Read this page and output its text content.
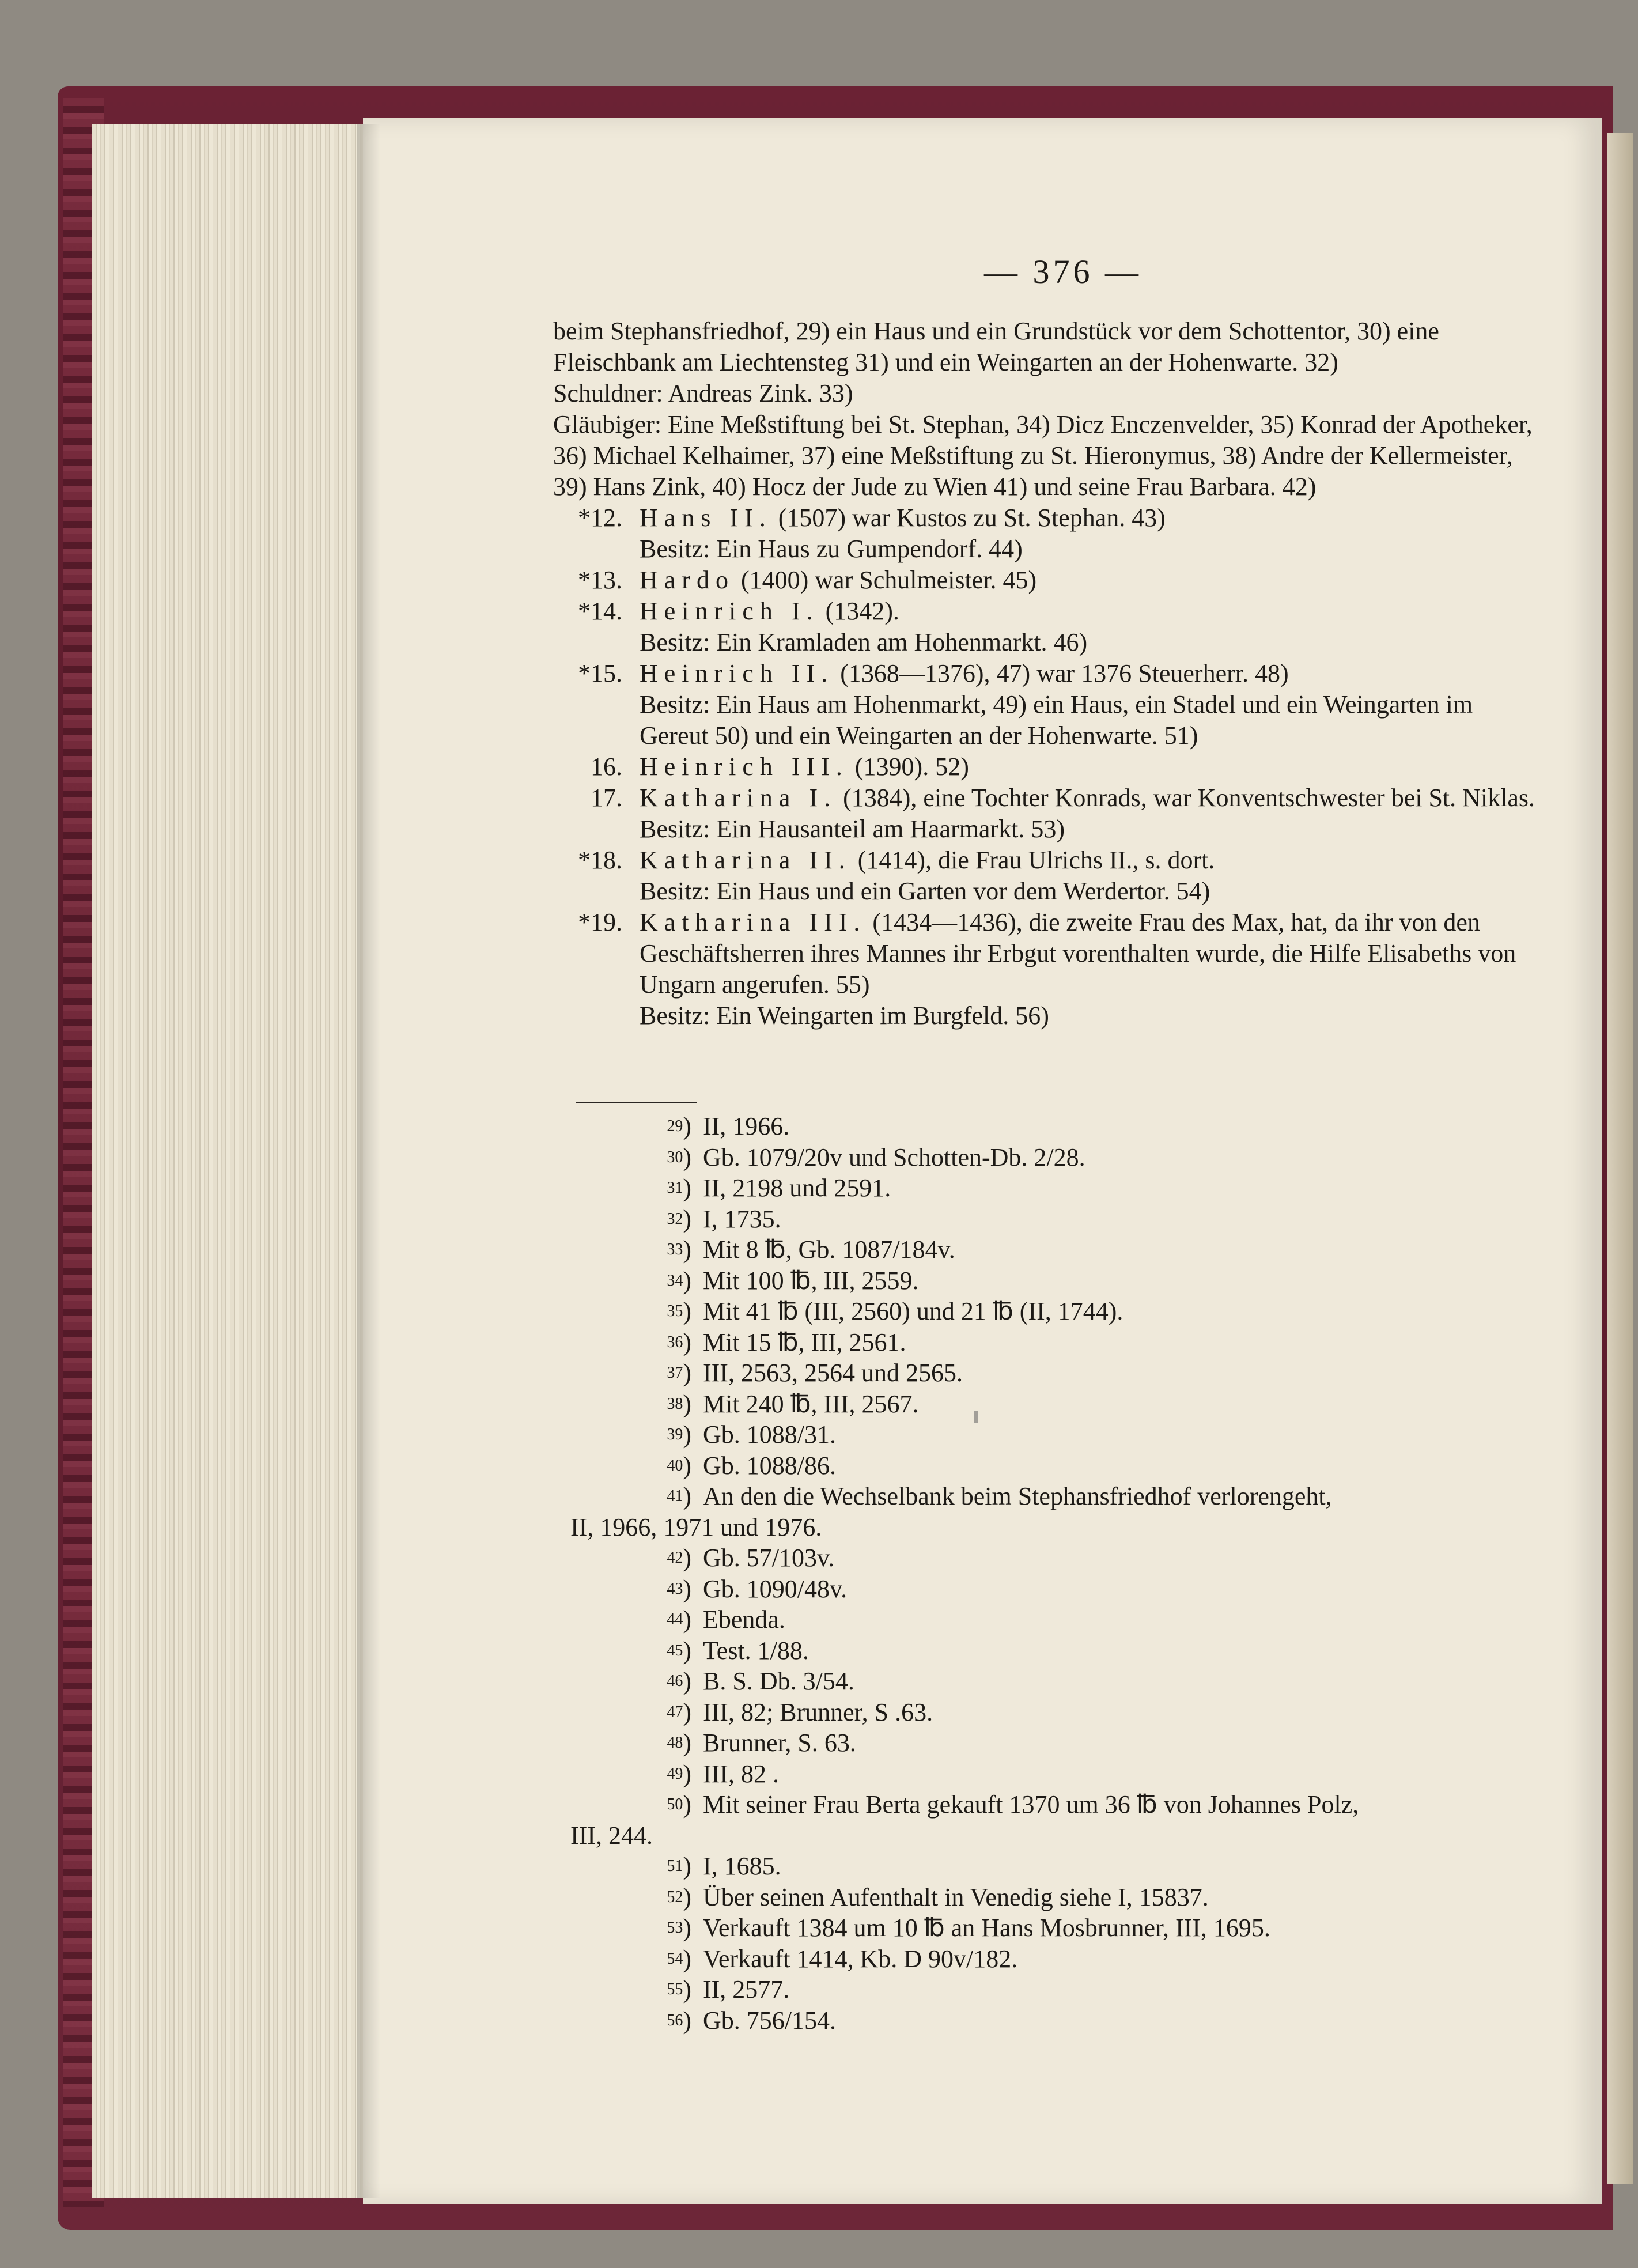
— 376 —

beim Stephansfriedhof, 29) ein Haus und ein Grundstück vor dem Schottentor, 30) eine Fleischbank am Liechtensteg 31) und ein Weingarten an der Hohenwarte. 32)

Schuldner: Andreas Zink. 33)

Gläubiger: Eine Meßstiftung bei St. Stephan, 34) Dicz Enczenvelder, 35) Konrad der Apotheker, 36) Michael Kelhaimer, 37) eine Meßstiftung zu St. Hieronymus, 38) Andre der Kellermeister, 39) Hans Zink, 40) Hocz der Jude zu Wien 41) und seine Frau Barbara. 42)

*12. Hans II. (1507) war Kustos zu St. Stephan. 43)
Besitz: Ein Haus zu Gumpendorf. 44)

*13. Hardo (1400) war Schulmeister. 45)

*14. Heinrich I. (1342).
Besitz: Ein Kramladen am Hohenmarkt. 46)

*15. Heinrich II. (1368—1376), 47) war 1376 Steuerherr. 48)
Besitz: Ein Haus am Hohenmarkt, 49) ein Haus, ein Stadel und ein Weingarten im Gereut 50) und ein Weingarten an der Hohenwarte. 51)

16. Heinrich III. (1390). 52)

17. Katharina I. (1384), eine Tochter Konrads, war Konventschwester bei St. Niklas.
Besitz: Ein Hausanteil am Haarmarkt. 53)

*18. Katharina II. (1414), die Frau Ulrichs II., s. dort.
Besitz: Ein Haus und ein Garten vor dem Werdertor. 54)

*19. Katharina III. (1434—1436), die zweite Frau des Max, hat, da ihr von den Geschäftsherren ihres Mannes ihr Erbgut vorenthalten wurde, die Hilfe Elisabeths von Ungarn angerufen. 55)
Besitz: Ein Weingarten im Burgfeld. 56)

29 ) II, 1966.

30 ) Gb. 1079/20v und Schotten-Db. 2/28.

31 ) II, 2198 und 2591.

32 ) I, 1735.

33 ) Mit 8 ℔, Gb. 1087/184v.

34 ) Mit 100 ℔, III, 2559.

35 ) Mit 41 ℔ (III, 2560) und 21 ℔ (II, 1744).

36 ) Mit 15 ℔, III, 2561.

37 ) III, 2563, 2564 und 2565.

38 ) Mit 240 ℔, III, 2567.

39 ) Gb. 1088/31.

40 ) Gb. 1088/86.

41 ) An den die Wechselbank beim Stephansfriedhof verlorengeht,

II, 1966, 1971 und 1976.

42 ) Gb. 57/103v.

43 ) Gb. 1090/48v.

44 ) Ebenda.

45 ) Test. 1/88.

46 ) B. S. Db. 3/54.

47 ) III, 82; Brunner, S .63.

48 ) Brunner, S. 63.

49 ) III, 82 .

50 ) Mit seiner Frau Berta gekauft 1370 um 36 ℔ von Johannes Polz,

III, 244.

51 ) I, 1685.

52 ) Über seinen Aufenthalt in Venedig siehe I, 15837.

53 ) Verkauft 1384 um 10 ℔ an Hans Mosbrunner, III, 1695.

54 ) Verkauft 1414, Kb. D 90v/182.

55 ) II, 2577.

56 ) Gb. 756/154.
